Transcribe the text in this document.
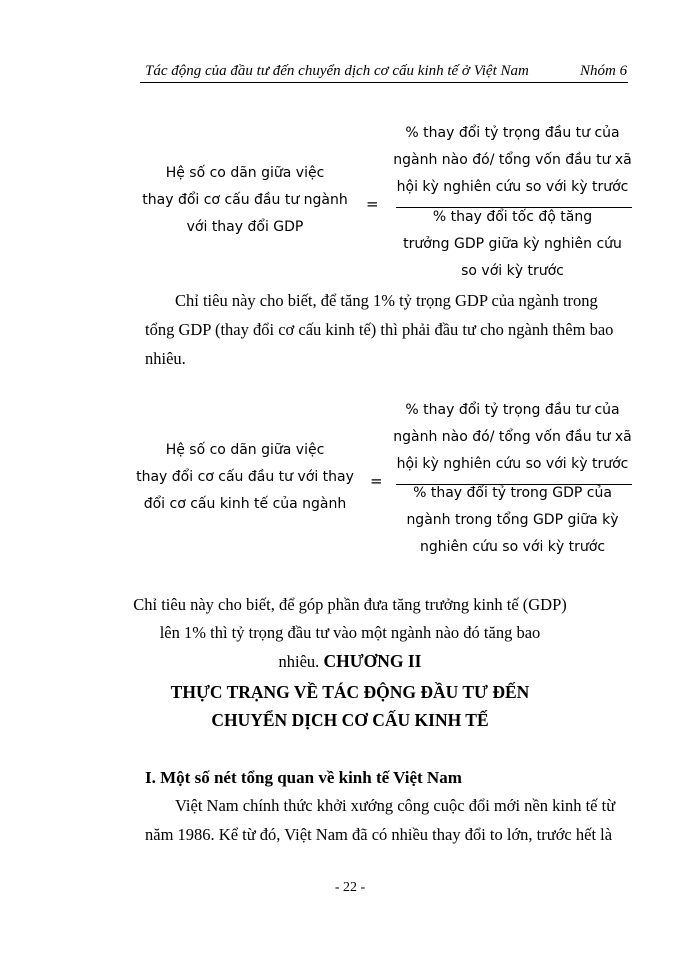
Tác động của đầu tư đến chuyển dịch cơ cấu kinh tế ở Việt Nam	Nhóm 6
Hệ số co dãn giữa việc
thay đổi cơ cấu đầu tư ngành
với thay đổi GDP
=
% thay đổi tỷ trọng đầu tư của
ngành nào đó/ tổng vốn đầu tư xã
hội kỳ nghiên cứu so với kỳ trước
% thay đổi tốc độ tăng
trưởng GDP giữa kỳ nghiên cứu
so với kỳ trước
Chỉ tiêu này cho biết, để tăng 1% tỷ trọng GDP của ngành trong
tổng GDP (thay đổi cơ cấu kinh tế) thì phải đầu tư cho ngành thêm bao
nhiêu.
Hệ số co dãn giữa việc
thay đổi cơ cấu đầu tư với thay
đổi cơ cấu kinh tế của ngành
=
% thay đổi tỷ trọng đầu tư của
ngành nào đó/ tổng vốn đầu tư xã
hội kỳ nghiên cứu so với kỳ trước
% thay đổi tỷ trong GDP của
ngành trong tổng GDP giữa kỳ
nghiên cứu so với kỳ trước
Chỉ tiêu này cho biết, để góp phần đưa tăng trưởng kinh tế (GDP)
lên 1% thì tỷ trọng đầu tư vào một ngành nào đó tăng bao
nhiêu. CHƯƠNG II
THỰC TRẠNG VỀ TÁC ĐỘNG ĐẦU TƯ ĐẾN
CHUYỂN DỊCH CƠ CẤU KINH TẾ
I. Một số nét tổng quan về kinh tế Việt Nam
Việt Nam chính thức khởi xướng công cuộc đổi mới nền kinh tế từ
năm 1986. Kể từ đó, Việt Nam đã có nhiều thay đổi to lớn, trước hết là
- 22 -
